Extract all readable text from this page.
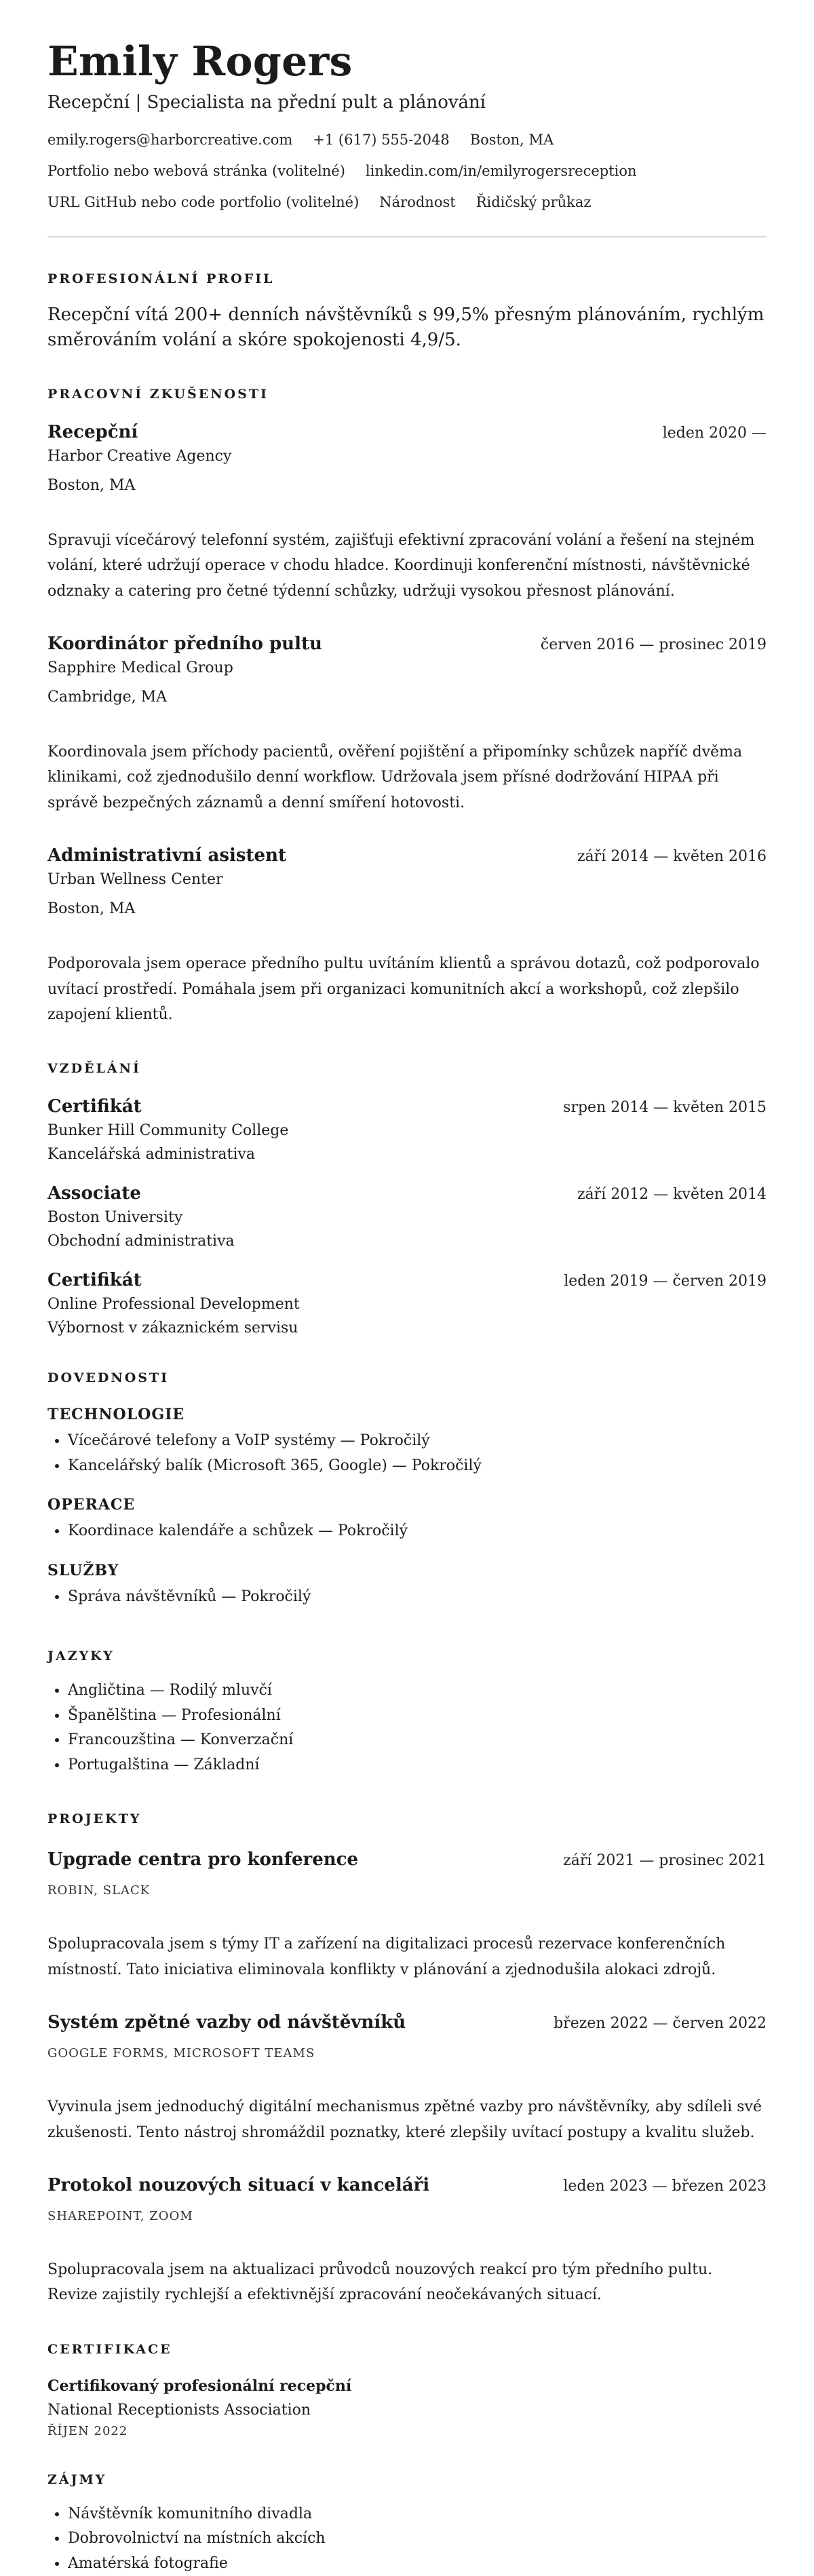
Emily Rogers

Recepční | Specialista na přední pult a plánování

emily.rogers@harborcreative.com +1 (617) 555-2048 Boston, MA
Portfolio nebo webová stránka (volitelné) linkedin.com/in/emilyrogersreception
URL GitHub nebo code portfolio (volitelné) Národnost Řidičský průkaz
PROFESIONÁLNÍ PROFIL

Recepční vítá 200+ denních návštěvníků s 99,5% přesným plánováním, rychlým směrováním volání a skóre spokojenosti 4,9/5.

PRACOVNÍ ZKUŠENOSTI
Recepční	leden 2020 —
Harbor Creative Agency
Boston, MA

Spravuji vícečárový telefonní systém, zajišťuji efektivní zpracování volání a řešení na stejném volání, které udržují operace v chodu hladce. Koordinuji konferenční místnosti, návštěvnické odznaky a catering pro četné týdenní schůzky, udržuji vysokou přesnost plánování.

Koordinátor předního pultu	červen 2016 — prosinec 2019
Sapphire Medical Group
Cambridge, MA

Koordinovala jsem příchody pacientů, ověření pojištění a připomínky schůzek napříč dvěma klinikami, což zjednodušilo denní workflow. Udržovala jsem přísné dodržování HIPAA při správě bezpečných záznamů a denní smíření hotovosti.

Administrativní asistent	září 2014 — květen 2016
Urban Wellness Center
Boston, MA

Podporovala jsem operace předního pultu uvítáním klientů a správou dotazů, což podporovalo uvítací prostředí. Pomáhala jsem při organizaci komunitních akcí a workshopů, což zlepšilo zapojení klientů.

VZDĚLÁNÍ
Certifikát	srpen 2014 — květen 2015
Bunker Hill Community College
Kancelářská administrativa
Associate	září 2012 — květen 2014
Boston University
Obchodní administrativa
Certifikát	leden 2019 — červen 2019
Online Professional Development
Výbornost v zákaznickém servisu
DOVEDNOSTI
TECHNOLOGIE
• Vícečárové telefony a VoIP systémy — Pokročilý
• Kancelářský balík (Microsoft 365, Google) — Pokročilý
OPERACE
• Koordinace kalendáře a schůzek — Pokročilý
SLUŽBY
• Správa návštěvníků — Pokročilý
JAZYKY
• Angličtina — Rodilý mluvčí
• Španělština — Profesionální
• Francouzština — Konverzační
• Portugalština — Základní
PROJEKTY
Upgrade centra pro konference	září 2021 — prosinec 2021
ROBIN, SLACK

Spolupracovala jsem s týmy IT a zařízení na digitalizaci procesů rezervace konferenčních místností. Tato iniciativa eliminovala konflikty v plánování a zjednodušila alokaci zdrojů.

Systém zpětné vazby od návštěvníků	březen 2022 — červen 2022
GOOGLE FORMS, MICROSOFT TEAMS

Vyvinula jsem jednoduchý digitální mechanismus zpětné vazby pro návštěvníky, aby sdíleli své zkušenosti. Tento nástroj shromáždil poznatky, které zlepšily uvítací postupy a kvalitu služeb.

Protokol nouzových situací v kanceláři	leden 2023 — březen 2023
SHAREPOINT, ZOOM

Spolupracovala jsem na aktualizaci průvodců nouzových reakcí pro tým předního pultu. Revize zajistily rychlejší a efektivnější zpracování neočekávaných situací.

CERTIFIKACE
Certifikovaný profesionální recepční
National Receptionists Association
ŘÍJEN 2022
ZÁJMY
• Návštěvník komunitního divadla
• Dobrovolnictví na místních akcích
• Amatérská fotografie
